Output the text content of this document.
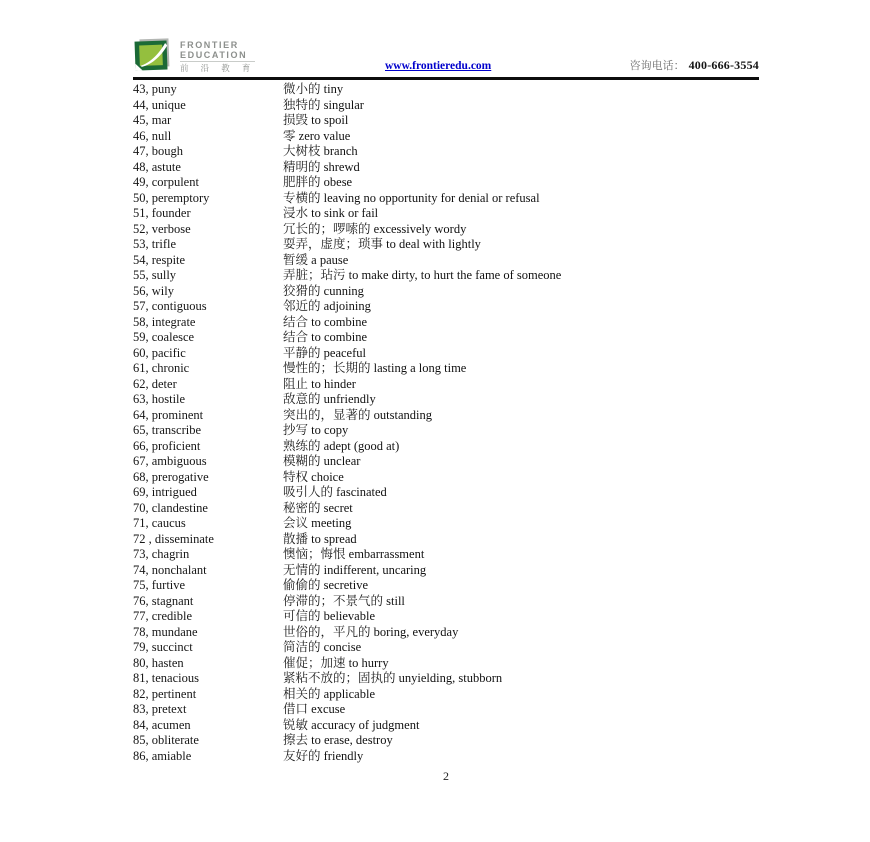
FRONTIER
EDUCATION
前 沿 教 育	www.frontieredu.com	咨询电话： 400-666-3554
43, puny	微小的 tiny
44, unique	独特的 singular
45, mar	损毁 to spoil
46, null	零 zero value
47, bough	大树枝 branch
48, astute	精明的 shrewd
49, corpulent	肥胖的 obese
50, peremptory	专横的 leaving no opportunity for denial or refusal
51, founder	浸水 to sink or fail
52, verbose	冗长的；啰嗦的 excessively wordy
53, trifle	耍弄，虚度；琐事 to deal with lightly
54, respite	暂缓 a pause
55, sully	弄脏；玷污 to make dirty, to hurt the fame of someone
56, wily	狡猾的 cunning
57, contiguous	邻近的 adjoining
58, integrate	结合 to combine
59, coalesce	结合 to combine
60, pacific	平静的 peaceful
61, chronic	慢性的；长期的 lasting a long time
62, deter	阻止 to hinder
63, hostile	敌意的 unfriendly
64, prominent	突出的，显著的 outstanding
65, transcribe	抄写 to copy
66, proficient	熟练的 adept (good at)
67, ambiguous	模糊的 unclear
68, prerogative	特权 choice
69, intrigued	吸引人的 fascinated
70, clandestine	秘密的 secret
71, caucus	会议 meeting
72 , disseminate	散播 to spread
73, chagrin	懊恼；悔恨 embarrassment
74, nonchalant	无情的 indifferent, uncaring
75, furtive	偷偷的 secretive
76, stagnant	停滞的；不景气的 still
77, credible	可信的 believable
78, mundane	世俗的，平凡的 boring, everyday
79, succinct	简洁的 concise
80, hasten	催促；加速 to hurry
81, tenacious	紧粘不放的；固执的 unyielding, stubborn
82, pertinent	相关的 applicable
83, pretext	借口 excuse
84, acumen	锐敏 accuracy of judgment
85, obliterate	擦去 to erase, destroy
86, amiable	友好的 friendly
2
